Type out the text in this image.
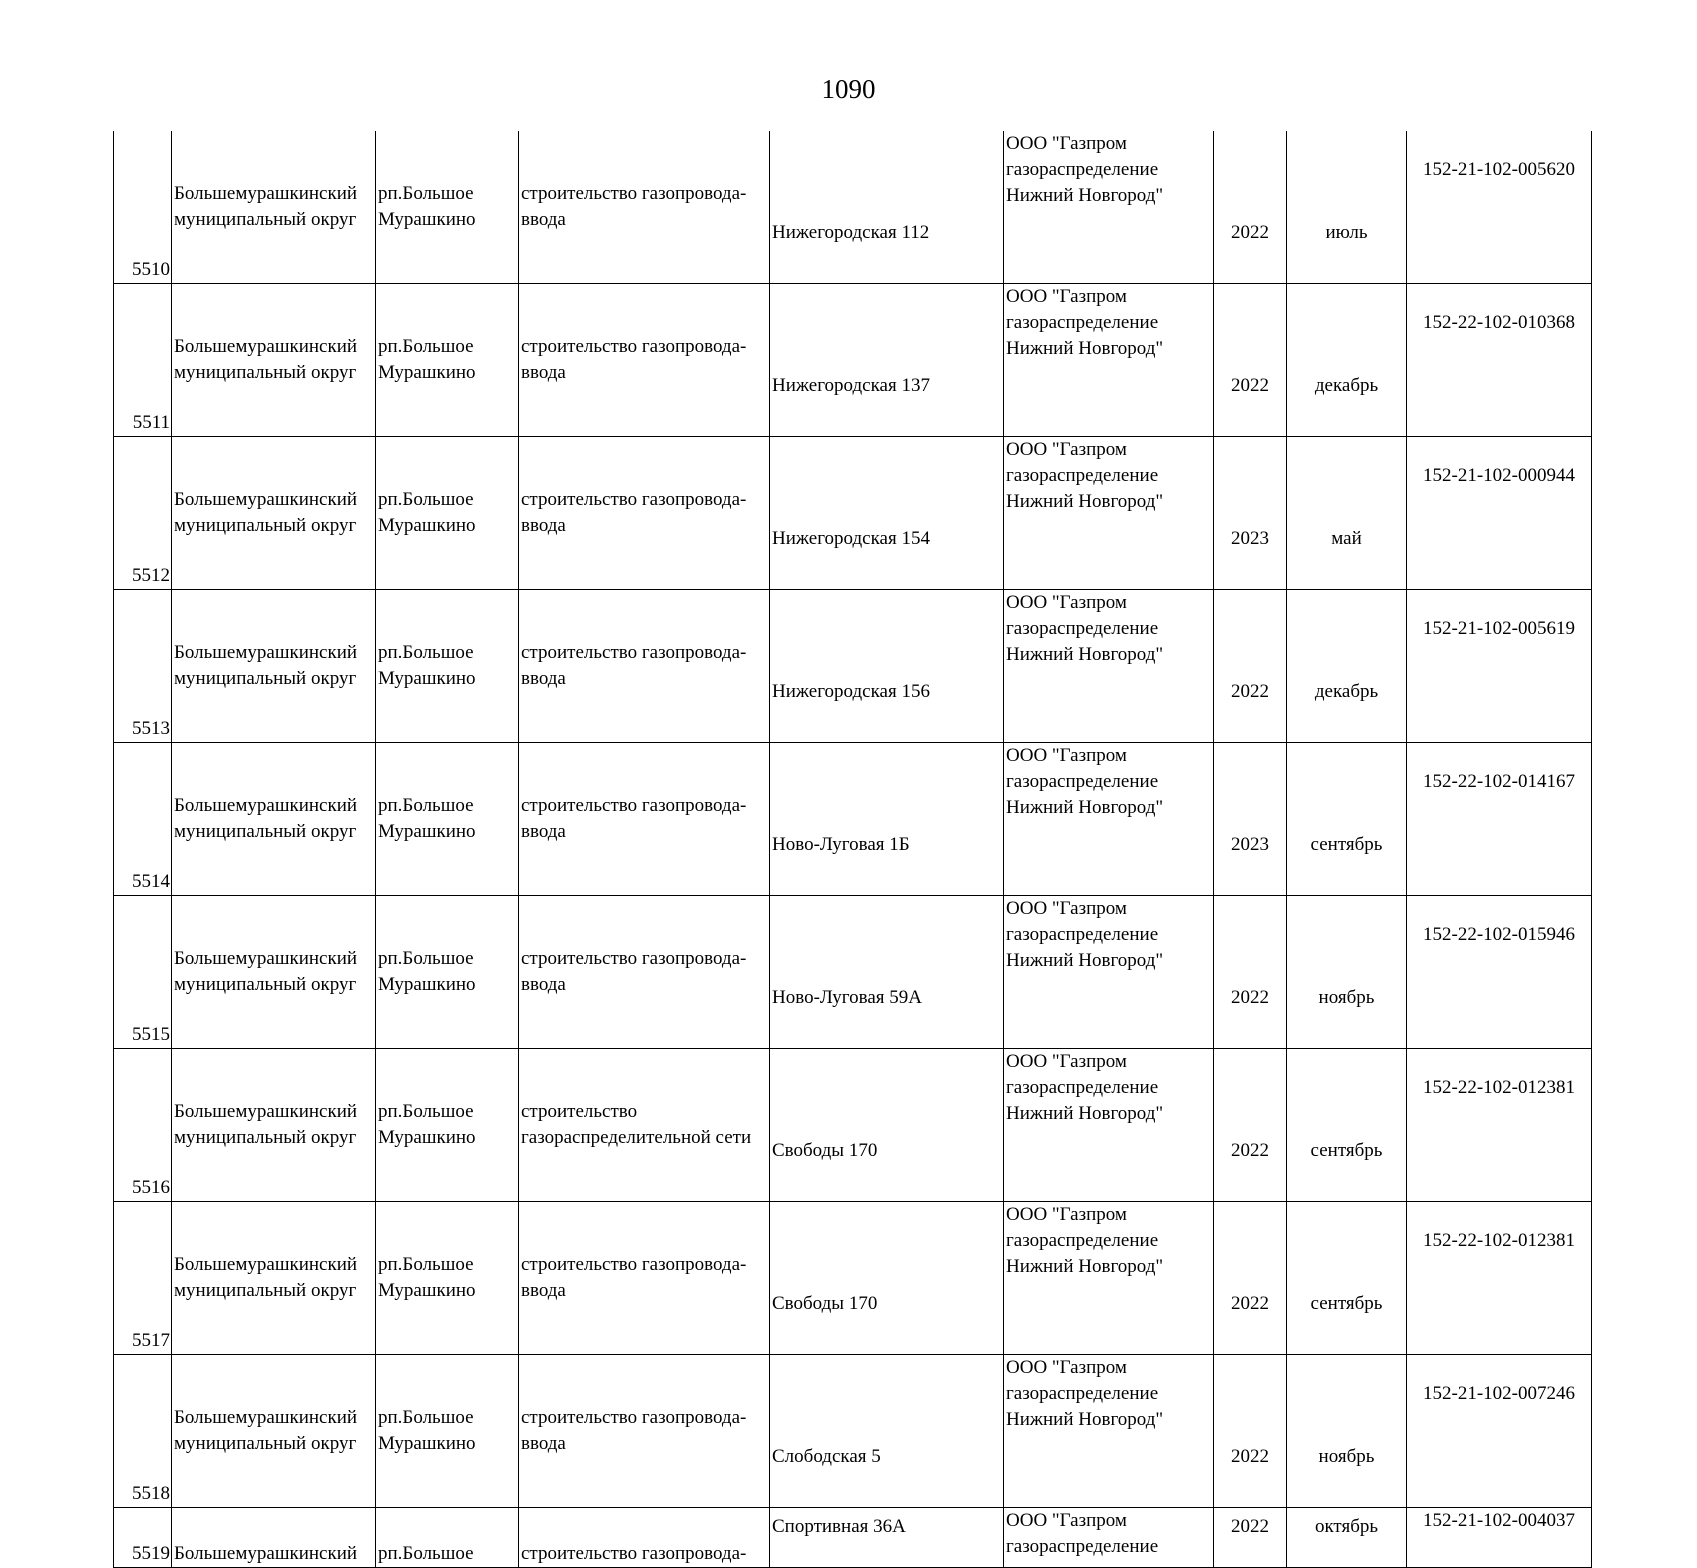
1090
5510	Большемурашкинский
муниципальный округ	рп.Большое
Мурашкино	строительство газопровода-
ввода	Нижегородская 112	ООО "Газпром
газораспределение
Нижний Новгород"	2022	июль	152-21-102-005620
5511	Большемурашкинский
муниципальный округ	рп.Большое
Мурашкино	строительство газопровода-
ввода	Нижегородская 137	ООО "Газпром
газораспределение
Нижний Новгород"	2022	декабрь	152-22-102-010368
5512	Большемурашкинский
муниципальный округ	рп.Большое
Мурашкино	строительство газопровода-
ввода	Нижегородская 154	ООО "Газпром
газораспределение
Нижний Новгород"	2023	май	152-21-102-000944
5513	Большемурашкинский
муниципальный округ	рп.Большое
Мурашкино	строительство газопровода-
ввода	Нижегородская 156	ООО "Газпром
газораспределение
Нижний Новгород"	2022	декабрь	152-21-102-005619
5514	Большемурашкинский
муниципальный округ	рп.Большое
Мурашкино	строительство газопровода-
ввода	Ново-Луговая 1Б	ООО "Газпром
газораспределение
Нижний Новгород"	2023	сентябрь	152-22-102-014167
5515	Большемурашкинский
муниципальный округ	рп.Большое
Мурашкино	строительство газопровода-
ввода	Ново-Луговая 59А	ООО "Газпром
газораспределение
Нижний Новгород"	2022	ноябрь	152-22-102-015946
5516	Большемурашкинский
муниципальный округ	рп.Большое
Мурашкино	строительство
газораспределительной сети	Свободы 170	ООО "Газпром
газораспределение
Нижний Новгород"	2022	сентябрь	152-22-102-012381
5517	Большемурашкинский
муниципальный округ	рп.Большое
Мурашкино	строительство газопровода-
ввода	Свободы 170	ООО "Газпром
газораспределение
Нижний Новгород"	2022	сентябрь	152-22-102-012381
5518	Большемурашкинский
муниципальный округ	рп.Большое
Мурашкино	строительство газопровода-
ввода	Слободская 5	ООО "Газпром
газораспределение
Нижний Новгород"	2022	ноябрь	152-21-102-007246
5519	Большемурашкинский	рп.Большое	строительство газопровода-	Спортивная 36А	ООО "Газпром
газораспределение	2022	октябрь	152-21-102-004037
